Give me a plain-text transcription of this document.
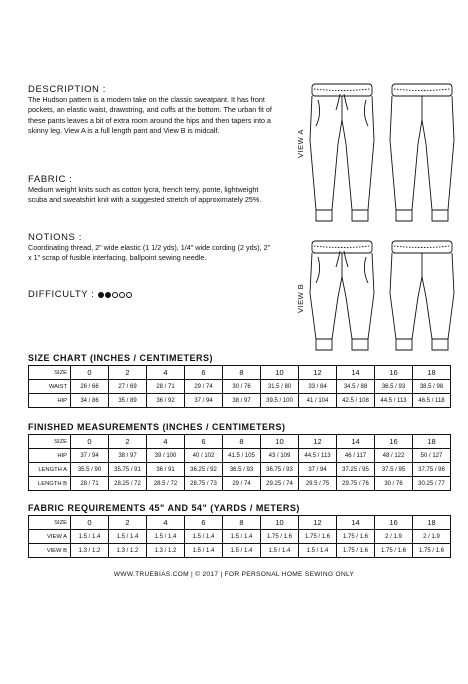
DESCRIPTION :

The Hudson pattern is a modern take on the classic sweatpant. It has front pockets, an elastic waist, drawstring, and cuffs at the bottom. The urban fit of these pants leaves a bit of extra room around the hips and then tapers into a skinny leg. View A is a full length pant and View B is midcalf.

FABRIC :

Medium weight knits such as cotton lycra, french terry, ponte, lightweight scuba and sweatshirt knit with a suggested stretch of approximately 25%.

NOTIONS :

Coordinating thread, 2" wide elastic (1 1/2 yds), 1/4" wide cording (2 yds), 2" x 1" scrap of fusible interfacing, ballpoint sewing needle.

DIFFICULTY :
VIEW A
VIEW B
SIZE CHART (INCHES / CENTIMETERS)
SIZE	0	2	4	6	8	10	12	14	16	18
WAIST	26 / 66	27 / 69	28 / 71	29 / 74	30 / 76	31.5 / 80	33 / 84	34.5 / 88	36.5 / 93	38.5 / 98
HIP	34 / 86	35 / 89	36 / 92	37 / 94	38 / 97	39.5 / 100	41 / 104	42.5 / 108	44.5 / 113	46.5 / 118
FINISHED MEASUREMENTS (INCHES / CENTIMETERS)
SIZE	0	2	4	6	8	10	12	14	16	18
HIP	37 / 94	38 / 97	39 / 100	40 / 102	41.5 / 105	43 / 109	44.5 / 113	46 / 117	48 / 122	50 / 127
LENGTH A	35.5 / 90	35.75 / 91	36 / 91	36.25 / 92	36.5 / 93	36.75 / 93	37 / 94	37.25 / 95	37.5 / 95	37.75 / 96
LENGTH B	28 / 71	28.25 / 72	28.5 / 72	28.75 / 73	29 / 74	29.25 / 74	29.5 / 75	29.75 / 76	30 / 76	30.25 / 77
FABRIC REQUIREMENTS 45" AND 54" (YARDS / METERS)
SIZE	0	2	4	6	8	10	12	14	16	18
VIEW A	1.5 / 1.4	1.5 / 1.4	1.5 / 1.4	1.5 / 1.4	1.5 / 1.4	1.75 / 1.6	1.75 / 1.6	1.75 / 1.6	2 / 1.9	2 / 1.9
VIEW B	1.3 / 1.2	1.3 / 1.2	1.3 / 1.2	1.5 / 1.4	1.5 / 1.4	1.5 / 1.4	1.5 / 1.4	1.75 / 1.6	1.75 / 1.6	1.75 / 1.6
WWW.TRUEBIAS.COM | © 2017 | FOR PERSONAL HOME SEWING ONLY
